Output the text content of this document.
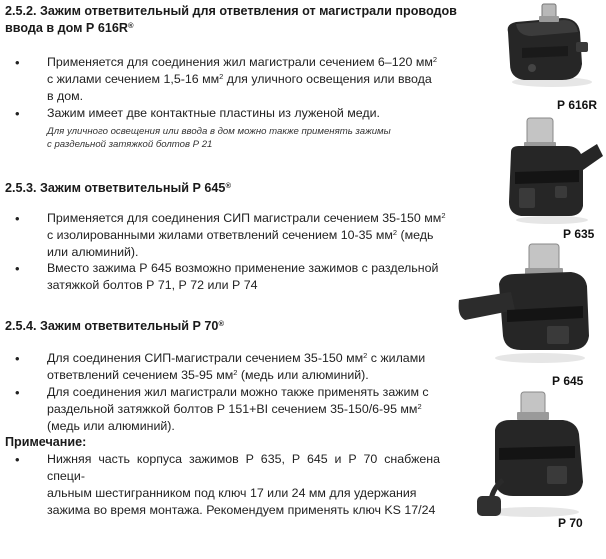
2.5.2. Зажим ответвительный для ответвления от магистрали проводов
ввода в дом Р 616R®
• Применяется для соединения жил магистрали сечением 6–120 $мм^2$
с жилами сечением 1,5-16 $мм^2$ для уличного освещения или ввода
в дом.
• Зажим имеет две контактные пластины из луженой меди.
Для уличного освещения или ввода в дом можно также применять зажимы
с раздельной затяжкой болтов Р 21
2.5.3. Зажим ответвительный Р 645®
• Применяется для соединения СИП магистрали сечением 35-150 $мм^2$
с изолированными жилами ответвлений сечением 10-35 $мм^2$ (медь
или алюминий).
• Вместо зажима Р 645 возможно применение зажимов с раздельной
затяжкой болтов Р 71, Р 72 или Р 74
2.5.4. Зажим ответвительный Р 70®
• Для соединения СИП-магистрали сечением 35-150 $мм^2$ с жилами
ответвлений сечением 35-95 $мм^2$ (медь или алюминий).
• Для соединения жил магистрали можно также применять зажим с
раздельной затяжкой болтов Р 151+BI сечением 35-150/6-95 $мм^2$
(медь или алюминий).
Примечание:
• Нижняя часть корпуса зажимов Р 635, Р 645 и Р 70 снабжена специ-
альным шестигранником под ключ 17 или 24 мм для удержания
зажима во время монтажа. Рекомендуем применять ключ KS 17/24
Р 616R
Р 635
Р 645
Р 70
